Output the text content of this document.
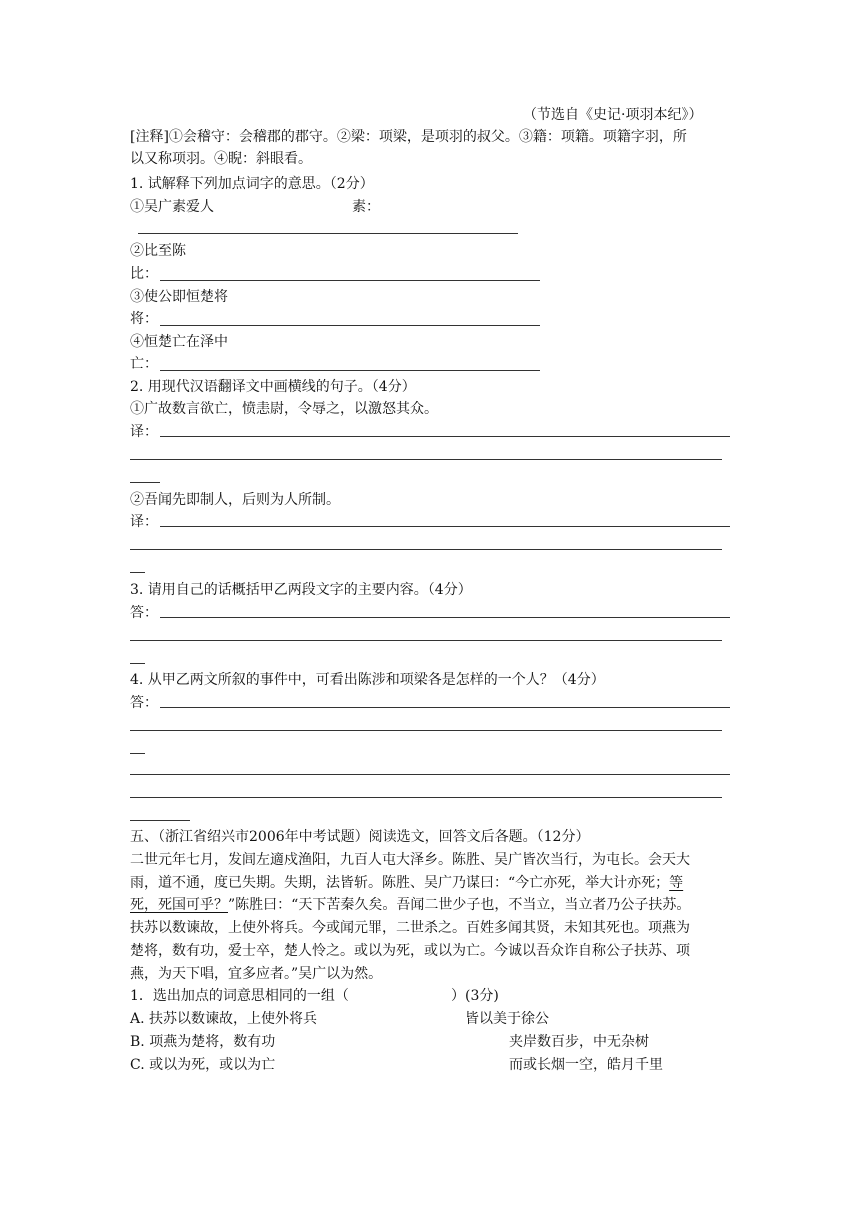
（节选自《史记·项羽本纪》）
[注释]①会稽守：会稽郡的郡守。②梁：项梁，是项羽的叔父。③籍：项籍。项籍字羽，所
以又称项羽。④睨：斜眼看。
1. 试解释下列加点词字的意思。（2分）
①吴广素爱人	素：
②比至陈
比：
③使公即恒楚将
将：
④恒楚亡在泽中
亡：
2. 用现代汉语翻译文中画横线的句子。（4分）
①广故数言欲亡，愤恚尉，令辱之，以激怒其众。
译：
②吾闻先即制人，后则为人所制。
译：
3. 请用自己的话概括甲乙两段文字的主要内容。（4分）
答：
4. 从甲乙两文所叙的事件中，可看出陈涉和项梁各是怎样的一个人？（4分）
答：
五、（浙江省绍兴市2006年中考试题）阅读选文，回答文后各题。（12分）
二世元年七月，发闾左適戍渔阳，九百人屯大泽乡。陈胜、吴广皆次当行，为屯长。会天大
雨，道不通，度已失期。失期，法皆斩。陈胜、吴广乃谋曰：“今亡亦死，举大计亦死；等
死，死国可乎？”陈胜曰：“天下苦秦久矣。吾闻二世少子也，不当立，当立者乃公子扶苏。
扶苏以数谏故，上使外将兵。今或闻元罪，二世杀之。百姓多闻其贤，未知其死也。项燕为
楚将，数有功，爱士卒，楚人怜之。或以为死，或以为亡。今诚以吾众诈自称公子扶苏、项
燕，为天下唱，宜多应者。”吴广以为然。
1．选出加点的词意思相同的一组（	）(3分)
A. 扶苏以数谏故，上使外将兵	皆以美于徐公
B. 项燕为楚将，数有功	夹岸数百步，中无杂树
C. 或以为死，或以为亡	而或长烟一空，皓月千里
